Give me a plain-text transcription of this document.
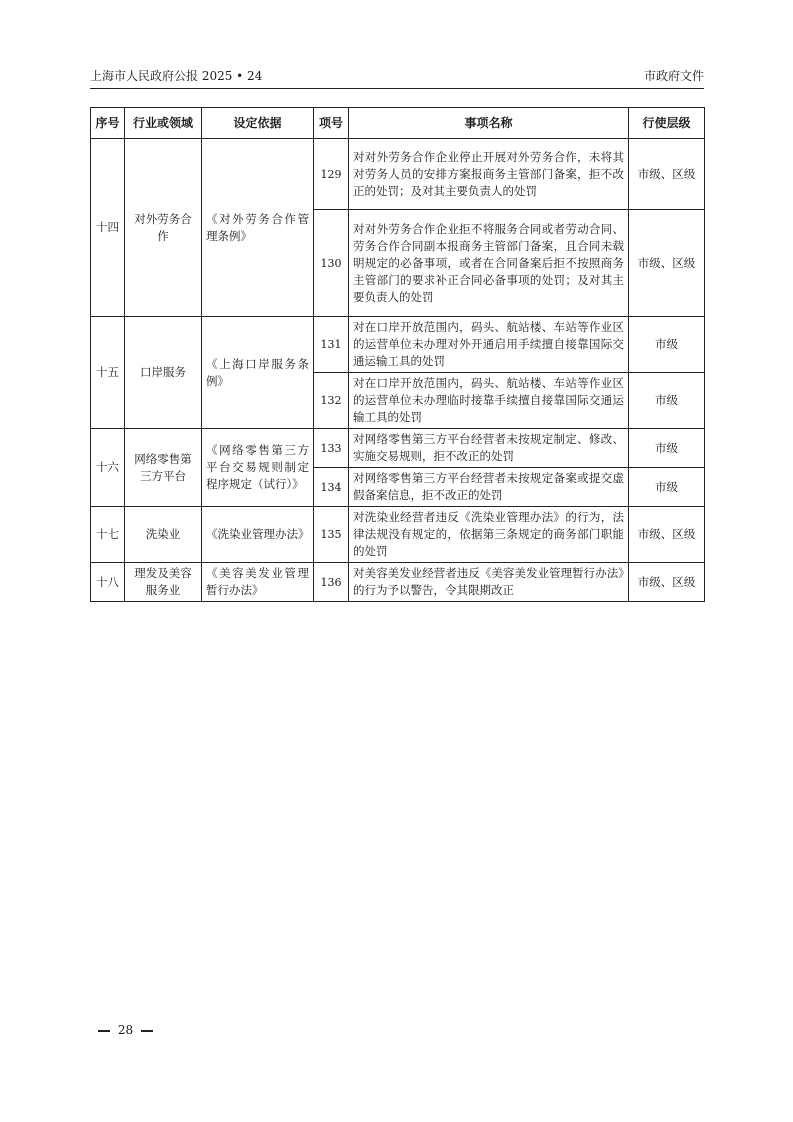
上海市人民政府公报 2025 • 24	市政府文件
序号	行业或领域	设定依据	项号	事项名称	行使层级
十四	对外劳务合作	《对外劳务合作管理条例》	129	对对外劳务合作企业停止开展对外劳务合作，未将其对劳务人员的安排方案报商务主管部门备案，拒不改正的处罚；及对其主要负责人的处罚	市级、区级
			130	对对外劳务合作企业拒不将服务合同或者劳动合同、劳务合作合同副本报商务主管部门备案，且合同未载明规定的必备事项，或者在合同备案后拒不按照商务主管部门的要求补正合同必备事项的处罚；及对其主要负责人的处罚	市级、区级
十五	口岸服务	《上海口岸服务条例》	131	对在口岸开放范围内，码头、航站楼、车站等作业区的运营单位未办理对外开通启用手续擅自接靠国际交通运输工具的处罚	市级
			132	对在口岸开放范围内，码头、航站楼、车站等作业区的运营单位未办理临时接靠手续擅自接靠国际交通运输工具的处罚	市级
十六	网络零售第三方平台	《网络零售第三方平台交易规则制定程序规定（试行）》	133	对网络零售第三方平台经营者未按规定制定、修改、实施交易规则，拒不改正的处罚	市级
			134	对网络零售第三方平台经营者未按规定备案或提交虚假备案信息，拒不改正的处罚	市级
十七	洗染业	《洗染业管理办法》	135	对洗染业经营者违反《洗染业管理办法》的行为，法律法规没有规定的，依据第三条规定的商务部门职能的处罚	市级、区级
十八	理发及美容服务业	《美容美发业管理暂行办法》	136	对美容美发业经营者违反《美容美发业管理暂行办法》的行为予以警告，令其限期改正	市级、区级
28
